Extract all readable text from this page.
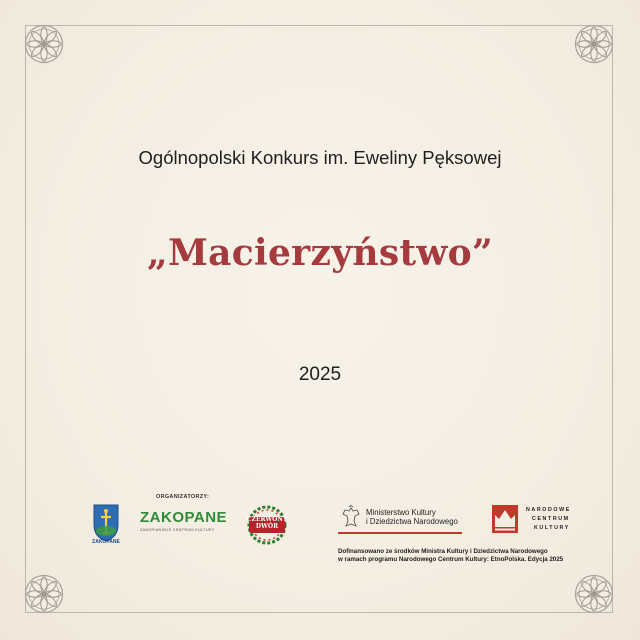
Ogólnopolski Konkurs im. Eweliny Pęksowej
„Macierzyństwo”
2025
ORGANIZATORZY:
ZAKOPANE
ZAKOPANE
ZAKOPIAŃSKIE CENTRUM KULTURY
CZERWONY DWÓR
Ministerstwo Kultury
i Dziedzictwa Narodowego
NARODOWE
CENTRUM
KULTURY
Dofinansowano ze środków Ministra Kultury i Dziedzictwa Narodowego
w ramach programu Narodowego Centrum Kultury: EtnoPolska. Edycja 2025
